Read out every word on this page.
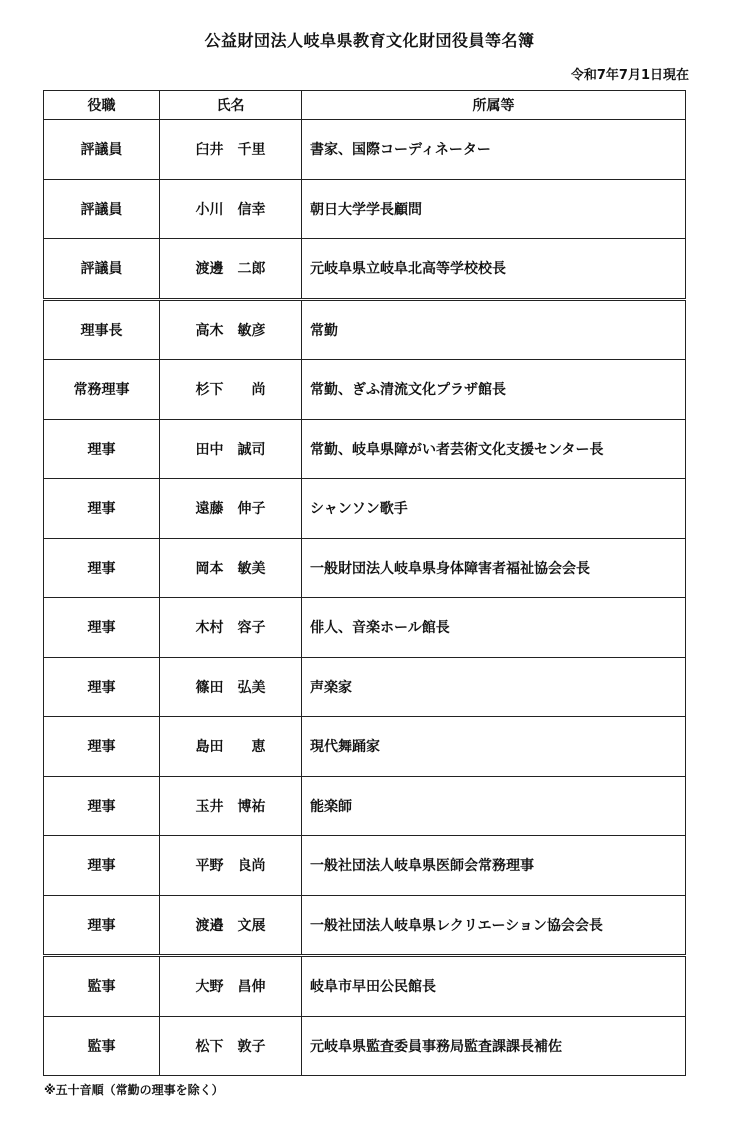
公益財団法人岐阜県教育文化財団役員等名簿
令和7年7月1日現在
役職	氏名	所属等
評議員	臼井　千里	書家、国際コーディネーター
評議員	小川　信幸	朝日大学学長顧問
評議員	渡邊　二郎	元岐阜県立岐阜北高等学校校長
理事長	高木　敏彦	常勤
常務理事	杉下　　尚	常勤、ぎふ清流文化プラザ館長
理事	田中　誠司	常勤、岐阜県障がい者芸術文化支援センター長
理事	遠藤　伸子	シャンソン歌手
理事	岡本　敏美	一般財団法人岐阜県身体障害者福祉協会会長
理事	木村　容子	俳人、音楽ホール館長
理事	篠田　弘美	声楽家
理事	島田　　恵	現代舞踊家
理事	玉井　博祐	能楽師
理事	平野　良尚	一般社団法人岐阜県医師会常務理事
理事	渡邉　文展	一般社団法人岐阜県レクリエーション協会会長
監事	大野　昌伸	岐阜市早田公民館長
監事	松下　敦子	元岐阜県監査委員事務局監査課課長補佐
※五十音順（常勤の理事を除く）
